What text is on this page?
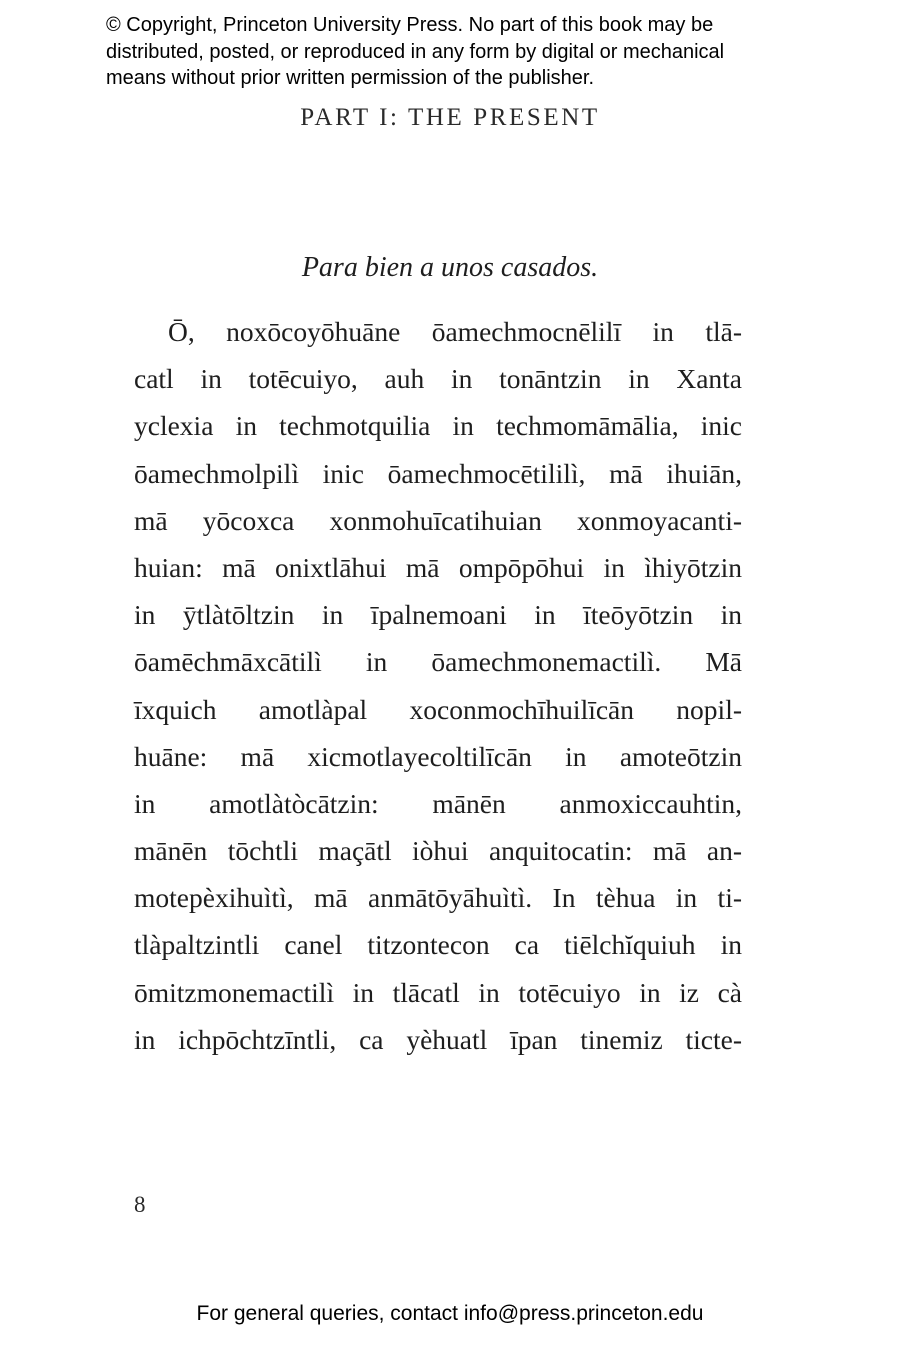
© Copyright, Princeton University Press. No part of this book may be
distributed, posted, or reproduced in any form by digital or mechanical
means without prior written permission of the publisher.
PART I: THE PRESENT
Para bien a unos casados.
Ō, noxōcoyōhuāne ōamechmocnēlilī in tlā-
catl in totēcuiyo, auh in tonāntzin in Xanta
yclexia in techmotquilia in techmomāmālia, inic
ōamechmolpilì inic ōamechmocētililì, mā ihuiān,
mā yōcoxca xonmohuīcatihuian xonmoyacanti-
huian: mā onixtlāhui mā ompōpōhui in ìhiyōtzin
in ȳtlàtōltzin in īpalnemoani in īteōyōtzin in
ōamēchmāxcātilì in ōamechmonemactilì. Mā
īxquich amotlàpal xoconmochīhuilīcān nopil-
huāne: mā xicmotlayecoltilīcān in amoteōtzin
in amotlàtòcātzin: mānēn anmoxiccauhtin,
mānēn tōchtli maçātl iòhui anquitocatin: mā an-
motepèxihuìtì, mā anmātōyāhuìtì. In tèhua in ti-
tlàpaltzintli canel titzontecon ca tiēlchĭquiuh in
ōmitzmonemactilì in tlācatl in totēcuiyo in iz cà
in ichpōchtzīntli, ca yèhuatl īpan tinemiz ticte-
8
For general queries, contact info@press.princeton.edu
